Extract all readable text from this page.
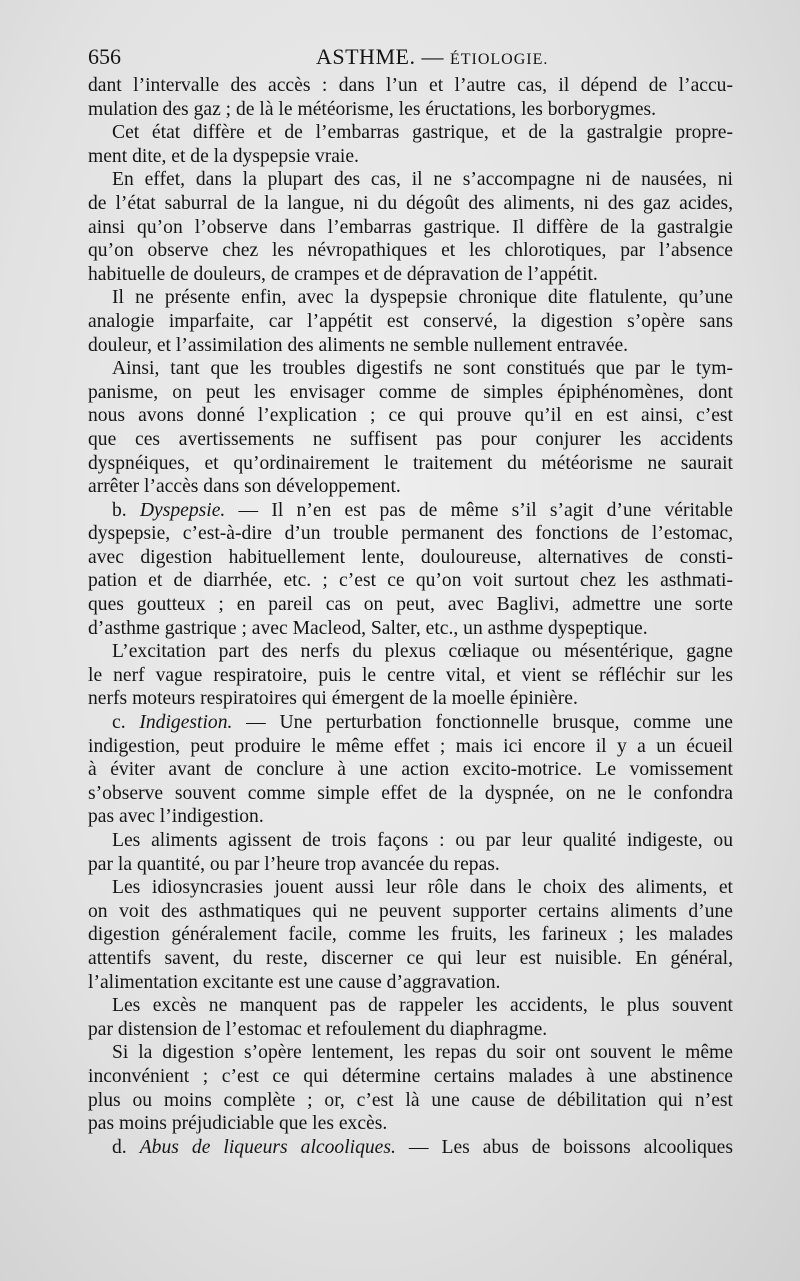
656	ASTHME. — ÉTIOLOGIE.
dant l’intervalle des accès : dans l’un et l’autre cas, il dépend de l’accu-
mulation des gaz ; de là le météorisme, les éructations, les borborygmes.
Cet état diffère et de l’embarras gastrique, et de la gastralgie propre-
ment dite, et de la dyspepsie vraie.
En effet, dans la plupart des cas, il ne s’accompagne ni de nausées, ni
de l’état saburral de la langue, ni du dégoût des aliments, ni des gaz acides,
ainsi qu’on l’observe dans l’embarras gastrique. Il diffère de la gastralgie
qu’on observe chez les névropathiques et les chlorotiques, par l’absence
habituelle de douleurs, de crampes et de dépravation de l’appétit.
Il ne présente enfin, avec la dyspepsie chronique dite flatulente, qu’une
analogie imparfaite, car l’appétit est conservé, la digestion s’opère sans
douleur, et l’assimilation des aliments ne semble nullement entravée.
Ainsi, tant que les troubles digestifs ne sont constitués que par le tym-
panisme, on peut les envisager comme de simples épiphénomènes, dont
nous avons donné l’explication ; ce qui prouve qu’il en est ainsi, c’est
que ces avertissements ne suffisent pas pour conjurer les accidents
dyspnéiques, et qu’ordinairement le traitement du météorisme ne saurait
arrêter l’accès dans son développement.
b. Dyspepsie. — Il n’en est pas de même s’il s’agit d’une véritable
dyspepsie, c’est-à-dire d’un trouble permanent des fonctions de l’estomac,
avec digestion habituellement lente, douloureuse, alternatives de consti-
pation et de diarrhée, etc. ; c’est ce qu’on voit surtout chez les asthmati-
ques goutteux ; en pareil cas on peut, avec Baglivi, admettre une sorte
d’asthme gastrique ; avec Macleod, Salter, etc., un asthme dyspeptique.
L’excitation part des nerfs du plexus cœliaque ou mésentérique, gagne
le nerf vague respiratoire, puis le centre vital, et vient se réfléchir sur les
nerfs moteurs respiratoires qui émergent de la moelle épinière.
c. Indigestion. — Une perturbation fonctionnelle brusque, comme une
indigestion, peut produire le même effet ; mais ici encore il y a un écueil
à éviter avant de conclure à une action excito-motrice. Le vomissement
s’observe souvent comme simple effet de la dyspnée, on ne le confondra
pas avec l’indigestion.
Les aliments agissent de trois façons : ou par leur qualité indigeste, ou
par la quantité, ou par l’heure trop avancée du repas.
Les idiosyncrasies jouent aussi leur rôle dans le choix des aliments, et
on voit des asthmatiques qui ne peuvent supporter certains aliments d’une
digestion généralement facile, comme les fruits, les farineux ; les malades
attentifs savent, du reste, discerner ce qui leur est nuisible. En général,
l’alimentation excitante est une cause d’aggravation.
Les excès ne manquent pas de rappeler les accidents, le plus souvent
par distension de l’estomac et refoulement du diaphragme.
Si la digestion s’opère lentement, les repas du soir ont souvent le même
inconvénient ; c’est ce qui détermine certains malades à une abstinence
plus ou moins complète ; or, c’est là une cause de débilitation qui n’est
pas moins préjudiciable que les excès.
d. Abus de liqueurs alcooliques. — Les abus de boissons alcooliques
